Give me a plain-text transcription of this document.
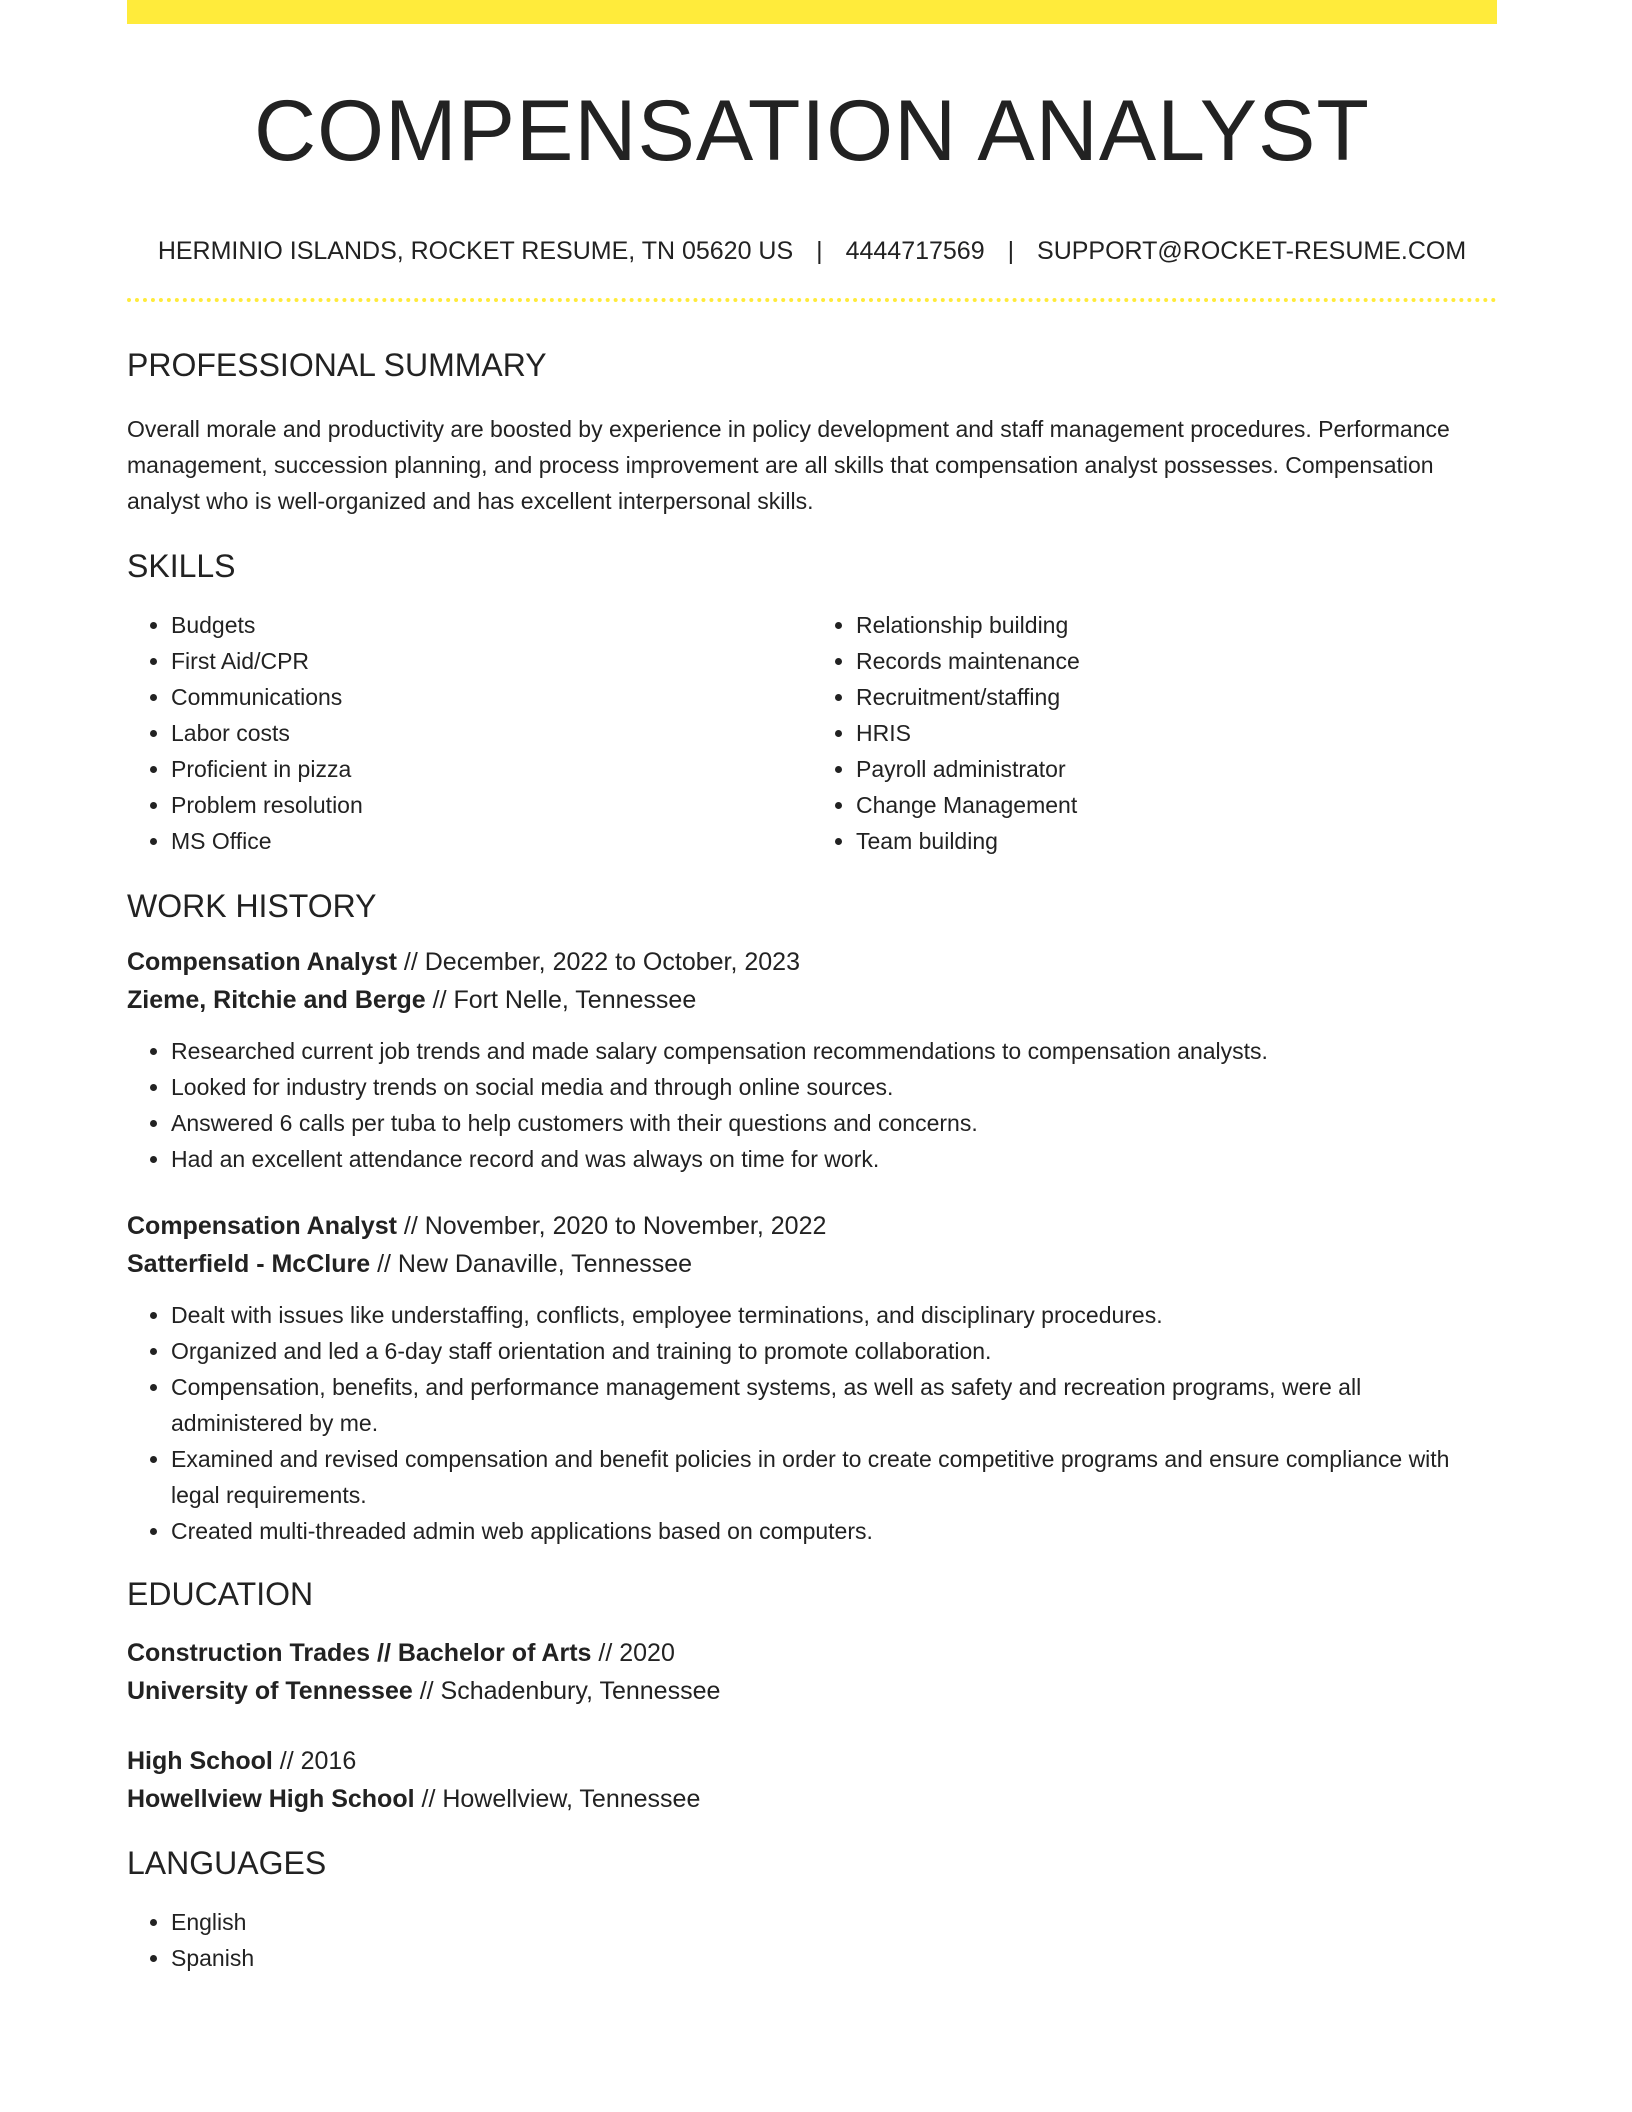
COMPENSATION ANALYST
HERMINIO ISLANDS, ROCKET RESUME, TN 05620 US | 4444717569 | SUPPORT@ROCKET-RESUME.COM
PROFESSIONAL SUMMARY

Overall morale and productivity are boosted by experience in policy development and staff management procedures. Performance management, succession planning, and process improvement are all skills that compensation analyst possesses. Compensation analyst who is well-organized and has excellent interpersonal skills.

SKILLS
• Budgets
• First Aid/CPR
• Communications
• Labor costs
• Proficient in pizza
• Problem resolution
• MS Office
• Relationship building
• Records maintenance
• Recruitment/staffing
• HRIS
• Payroll administrator
• Change Management
• Team building
WORK HISTORY
Compensation Analyst // December, 2022 to October, 2023
Zieme, Ritchie and Berge // Fort Nelle, Tennessee
• Researched current job trends and made salary compensation recommendations to compensation analysts.
• Looked for industry trends on social media and through online sources.
• Answered 6 calls per tuba to help customers with their questions and concerns.
• Had an excellent attendance record and was always on time for work.
Compensation Analyst // November, 2020 to November, 2022
Satterfield - McClure // New Danaville, Tennessee
• Dealt with issues like understaffing, conflicts, employee terminations, and disciplinary procedures.
• Organized and led a 6-day staff orientation and training to promote collaboration.
• Compensation, benefits, and performance management systems, as well as safety and recreation programs, were all administered by me.
• Examined and revised compensation and benefit policies in order to create competitive programs and ensure compliance with legal requirements.
• Created multi-threaded admin web applications based on computers.
EDUCATION
Construction Trades // Bachelor of Arts // 2020
University of Tennessee // Schadenbury, Tennessee
High School // 2016
Howellview High School // Howellview, Tennessee
LANGUAGES
• English
• Spanish
